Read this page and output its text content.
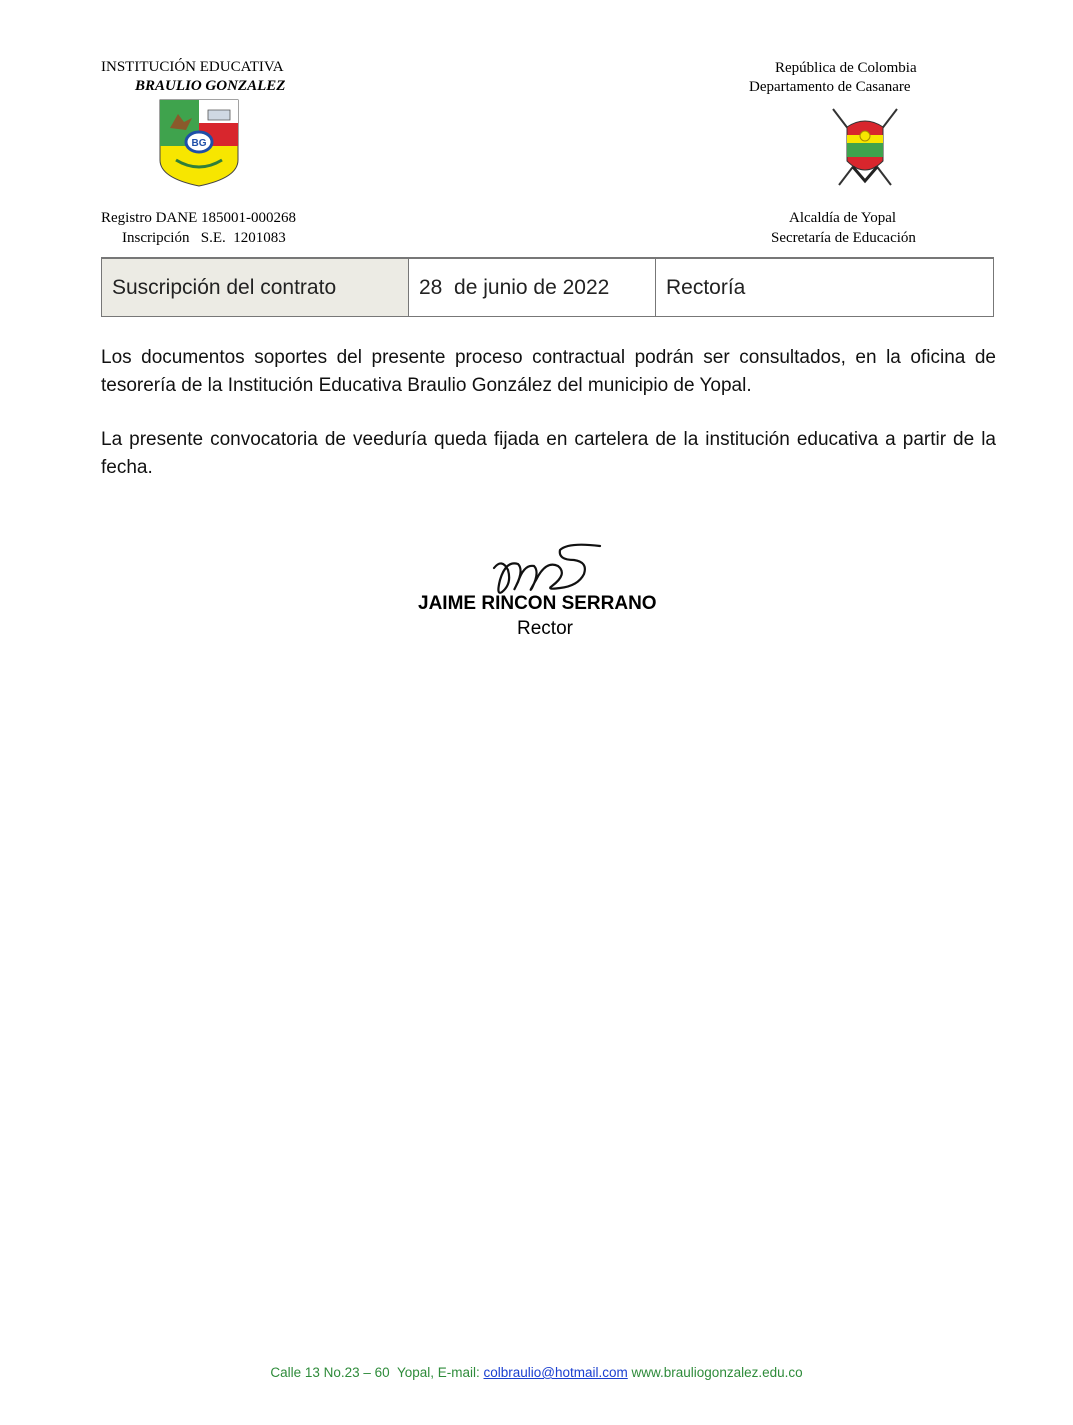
INSTITUCIÓN EDUCATIVA
BRAULIO GONZALEZ
BG
Registro DANE 185001-000268
Inscripción   S.E.  1201083
República de Colombia
Departamento de Casanare
Alcaldía de Yopal
Secretaría de Educación
Suscripción del contrato	28  de junio de 2022	Rectoría
Los documentos soportes del presente proceso contractual podrán ser consultados, en la oficina de tesorería de la Institución Educativa Braulio González del municipio de Yopal.
La presente convocatoria de veeduría queda fijada en cartelera de la institución educativa a partir de la fecha.
JAIME RINCON SERRANO
Rector
Calle 13 No.23 – 60  Yopal, E-mail: colbraulio@hotmail.com www.brauliogonzalez.edu.co
